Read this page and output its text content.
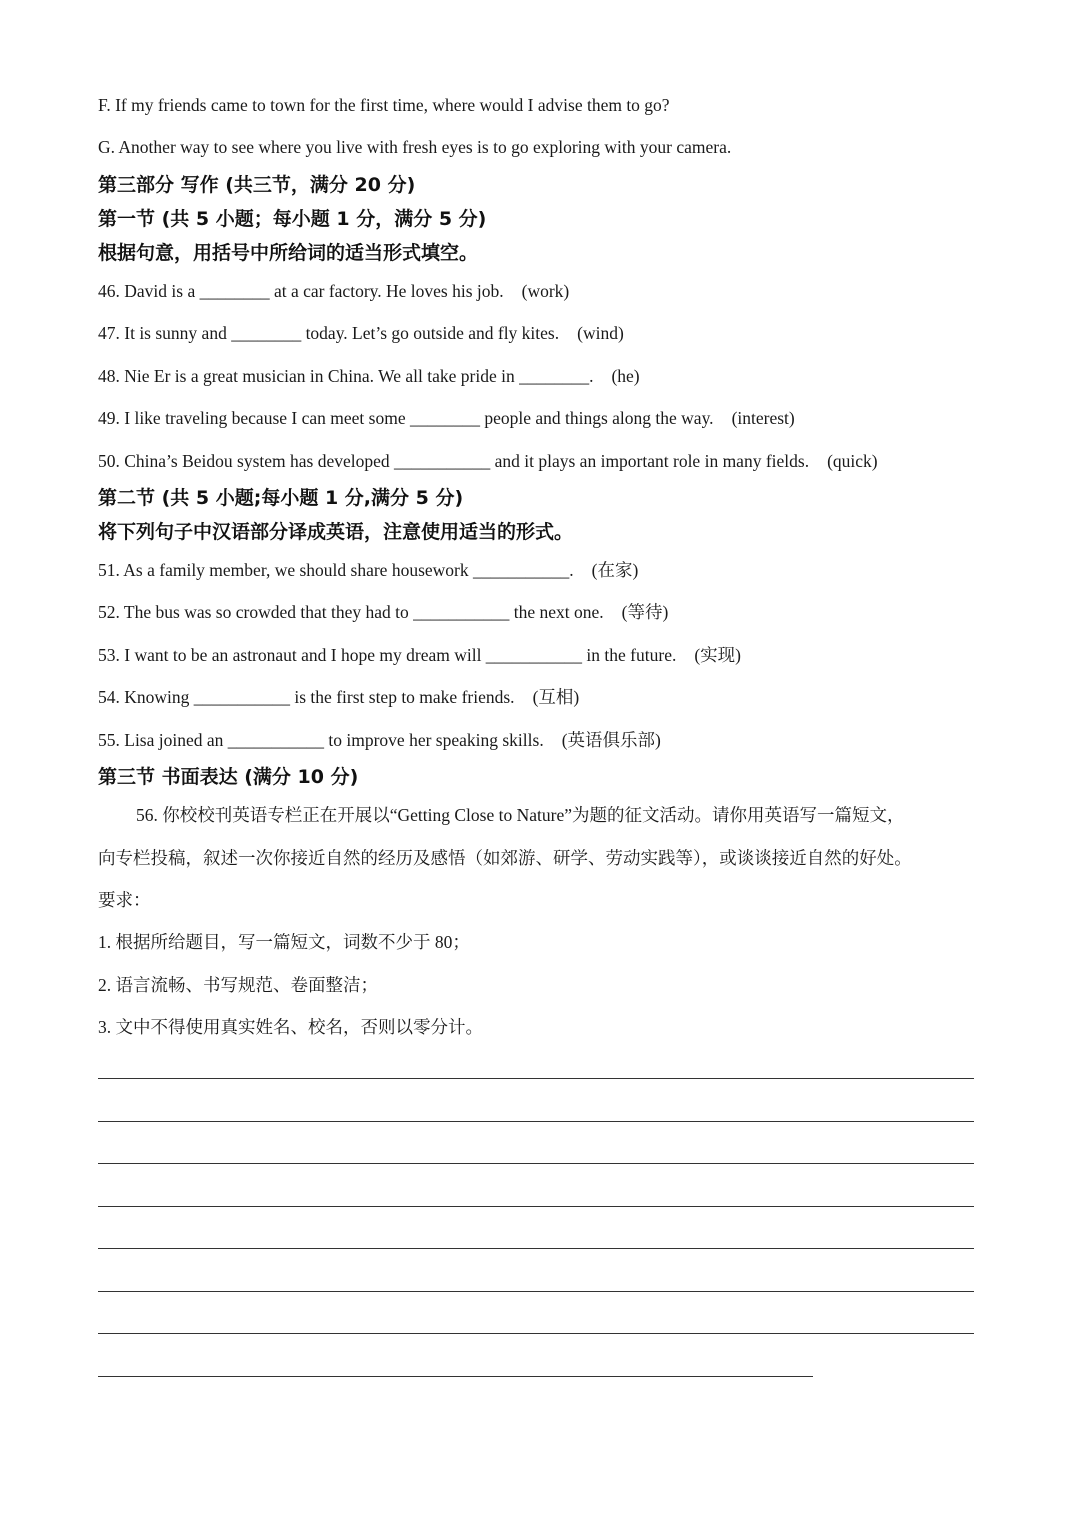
F. If my friends came to town for the first time, where would I advise them to go?
G. Another way to see where you live with fresh eyes is to go exploring with your camera.
第三部分 写作 (共三节，满分 20 分)
第一节 (共 5 小题；每小题 1 分，满分 5 分)
根据句意，用括号中所给词的适当形式填空。
46. David is a ________ at a car factory. He loves his job. (work)
47. It is sunny and ________ today. Let’s go outside and fly kites. (wind)
48. Nie Er is a great musician in China. We all take pride in ________. (he)
49. I like traveling because I can meet some ________ people and things along the way. (interest)
50. China’s Beidou system has developed ___________ and it plays an important role in many fields. (quick)
第二节 (共 5 小题;每小题 1 分,满分 5 分)
将下列句子中汉语部分译成英语，注意使用适当的形式。
51. As a family member, we should share housework ___________. (在家)
52. The bus was so crowded that they had to ___________ the next one. (等待)
53. I want to be an astronaut and I hope my dream will ___________ in the future. (实现)
54. Knowing ___________ is the first step to make friends. (互相)
55. Lisa joined an ___________ to improve her speaking skills. (英语俱乐部)
第三节 书面表达 (满分 10 分)
56. 你校校刊英语专栏正在开展以“Getting Close to Nature”为题的征文活动。请你用英语写一篇短文，
向专栏投稿，叙述一次你接近自然的经历及感悟（如郊游、研学、劳动实践等），或谈谈接近自然的好处。
要求：
1. 根据所给题目，写一篇短文，词数不少于 80；
2. 语言流畅、书写规范、卷面整洁；
3. 文中不得使用真实姓名、校名，否则以零分计。
